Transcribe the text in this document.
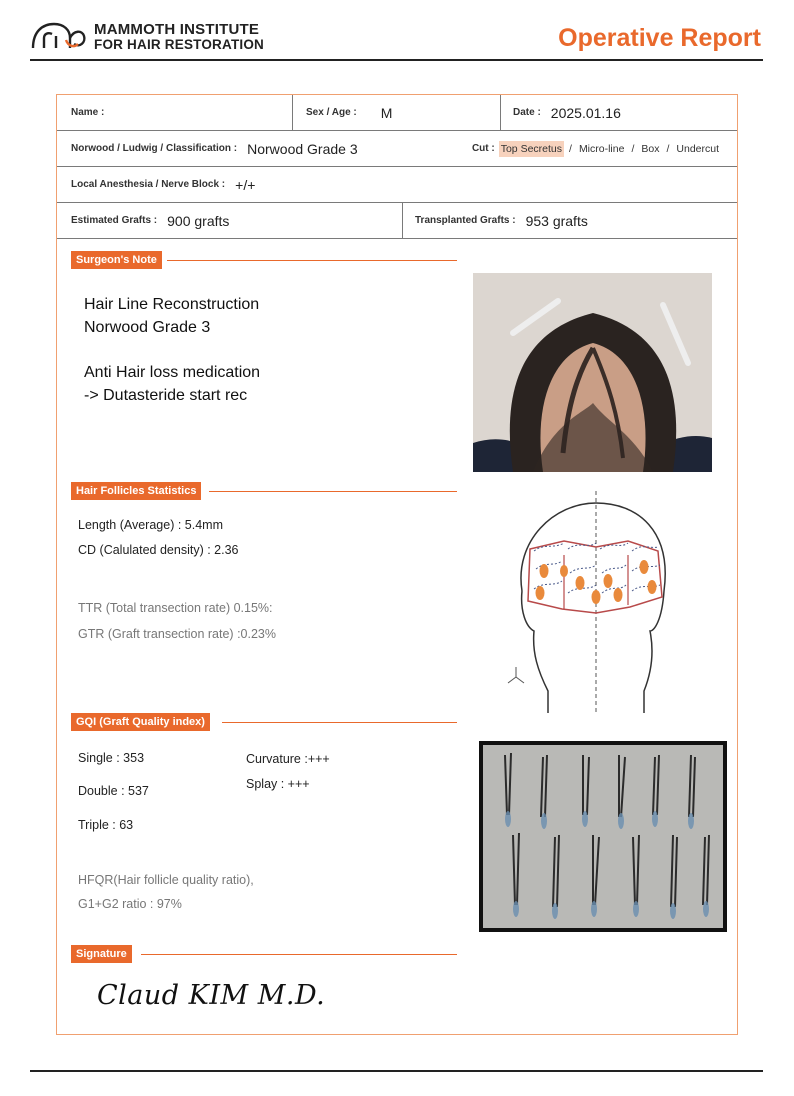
MAMMOTH INSTITUTE
FOR HAIR RESTORATION	Operative Report
Name :	Sex / Age : M	Date : 2025.01.16
Norwood / Ludwig / Classification : Norwood Grade 3	Cut : Top Secretus / Micro-line / Box / Undercut
Local Anesthesia / Nerve Block : +/+
Estimated Grafts : 900 grafts	Transplanted Grafts : 953 grafts
Surgeon's Note
Hair Line Reconstruction
Norwood Grade 3
Anti Hair loss medication
-> Dutasteride start rec
Hair Follicles Statistics
Length (Average) : 5.4mm
CD (Calulated density) : 2.36
TTR (Total transection rate) 0.15%:
GTR (Graft transection rate) :0.23%
GQI (Graft Quality index)
Single : 353
Double : 537
Triple : 63
Curvature :+++
Splay : +++
HFQR(Hair follicle quality ratio),
G1+G2 ratio : 97%
Signature
Claud KIM M.D.
